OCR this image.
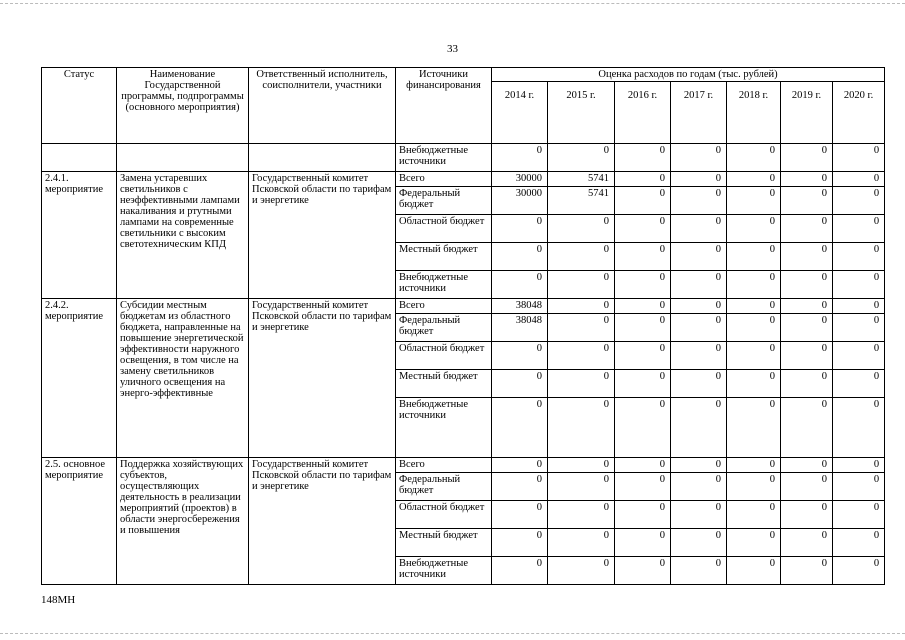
33
Статус	Наименование Государственной программы, подпрограммы (основного мероприятия)	Ответственный исполнитель, соисполнители, участники	Источники финансирования	Оценка расходов по годам (тыс. рублей)						
				2014 г.	2015 г.	2016 г.	2017 г.	2018 г.	2019 г.	2020 г.
			Внебюджетные источники	0	0	0	0	0	0	0
2.4.1. мероприятие	Замена устаревших светильников с неэффективными лампами накаливания и ртутными лампами на современные светильники с высоким светотехническим КПД	Государственный комитет Псковской области по тарифам и энергетике	Всего	30000	5741	0	0	0	0	0
			Федеральный бюджет	30000	5741	0	0	0	0	0
			Областной бюджет	0	0	0	0	0	0	0
			Местный бюджет	0	0	0	0	0	0	0
			Внебюджетные источники	0	0	0	0	0	0	0
2.4.2. мероприятие	Субсидии местным бюджетам из областного бюджета, направленные на повышение энергетической эффективности наружного освещения, в том числе на замену светильников уличного освещения на энерго-эффективные	Государственный комитет Псковской области по тарифам и энергетике	Всего	38048	0	0	0	0	0	0
			Федеральный бюджет	38048	0	0	0	0	0	0
			Областной бюджет	0	0	0	0	0	0	0
			Местный бюджет	0	0	0	0	0	0	0
			Внебюджетные источники	0	0	0	0	0	0	0
2.5. основное мероприятие	Поддержка хозяйствующих субъектов, осуществляющих деятельность в реализации мероприятий (проектов) в области энергосбережения и повышения	Государственный комитет Псковской области по тарифам и энергетике	Всего	0	0	0	0	0	0	0
			Федеральный бюджет	0	0	0	0	0	0	0
			Областной бюджет	0	0	0	0	0	0	0
			Местный бюджет	0	0	0	0	0	0	0
			Внебюджетные источники	0	0	0	0	0	0	0
148МН
